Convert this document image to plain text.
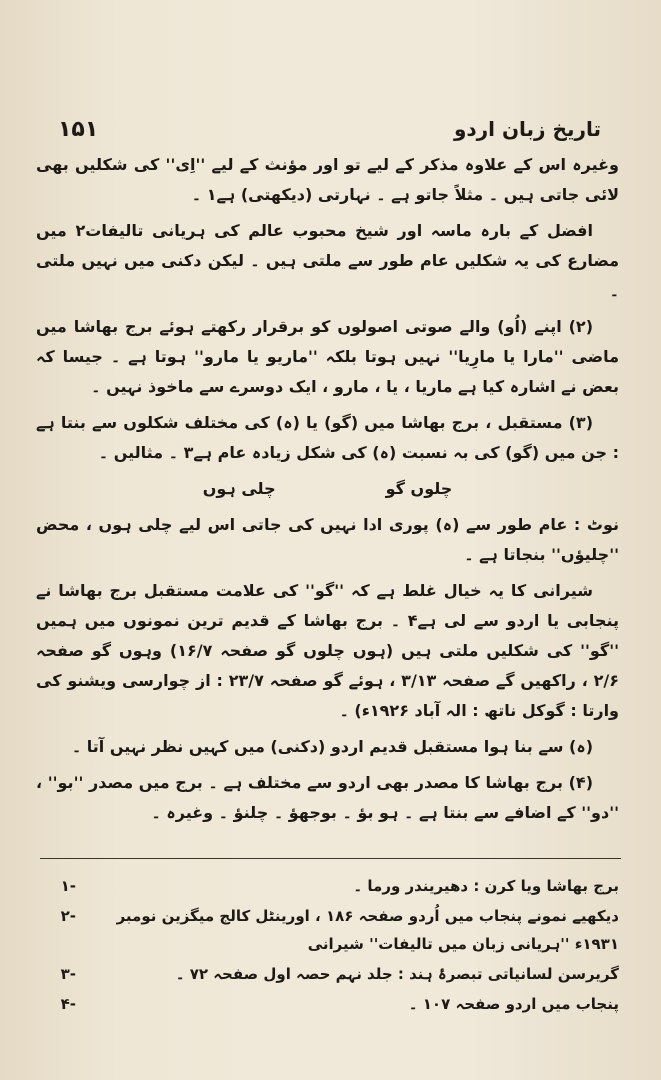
۱۵۱	تاریخ زبان اردو

وغیرہ اس کے علاوہ مذکر کے لیے تو اور مؤنث کے لیے ''اِی'' کی شکلیں بھی لائی جاتی ہیں ۔ مثلاً جاتو ہے ۔ نہارتی (دیکھتی) ہے۱ ۔

افضل کے بارہ ماسہ اور شیخ محبوب عالم کی ہریانی تالیفات۲ میں مضارع کی یہ شکلیں عام طور سے ملتی ہیں ۔ لیکن دکنی میں نہیں ملتی ۔

(۲) اپنے (اُو) والے صوتی اصولوں کو برقرار رکھتے ہوئے برج بھاشا میں ماضی ''مارا یا مارِیا'' نہیں ہوتا بلکہ ''ماریو یا مارو'' ہوتا ہے ۔ جیسا کہ بعض نے اشارہ کیا ہے ماریا ، یا ، مارو ، ایک دوسرے سے ماخوذ نہیں ۔

(۳) مستقبل ، برج بھاشا میں (گو) یا (ہ) کی مختلف شکلوں سے بنتا ہے : جن میں (گو) کی بہ نسبت (ہ) کی شکل زیادہ عام ہے۳ ۔ مثالیں ۔

چلوں گو
چلی ہوں

نوٹ : عام طور سے (ہ) پوری ادا نہیں کی جاتی اس لیے چلی ہوں ، محض ''چلیؤں'' بنجاتا ہے ۔

شیرانی کا یہ خیال غلط ہے کہ ''گو'' کی علامت مستقبل برج بھاشا نے پنجابی یا اردو سے لی ہے۴ ۔ برج بھاشا کے قدیم ترین نمونوں میں ہمیں ''گو'' کی شکلیں ملتی ہیں (ہوں چلوں گو صفحہ ۱۶/۷) وہوں گو صفحہ ۲/۶ ، راکھیں گے صفحہ ۳/۱۳ ، ہوئے گو صفحہ ۲۳/۷ : از چوارسی ویشنو کی وارتا : گوکل ناتھ : الہ آباد ۱۹۲۶ء) ۔

(ہ) سے بنا ہوا مستقبل قدیم اردو (دکنی) میں کہیں نظر نہیں آتا ۔

(۴) برج بھاشا کا مصدر بھی اردو سے مختلف ہے ۔ برج میں مصدر ''بو'' ، ''دو'' کے اضافے سے بنتا ہے ۔ ہو بؤ ۔ بوجھؤ ۔ چلنؤ ۔ وغیرہ ۔

برج بھاشا ویا کرن : دھیریندر ورما ۔
-۱
دیکھیے نمونے پنجاب میں اُردو صفحہ ۱۸۶ ، اورینٹل کالج میگزین نومبر ۱۹۳۱ء ''ہریانی زبان میں تالیفات'' شیرانی
-۲
گریرسن لسانیاتی تبصرۂ ہند : جلد نہم حصہ اول صفحہ ۷۲ ۔
-۳
پنجاب میں اردو صفحہ ۱۰۷ ۔
-۴
